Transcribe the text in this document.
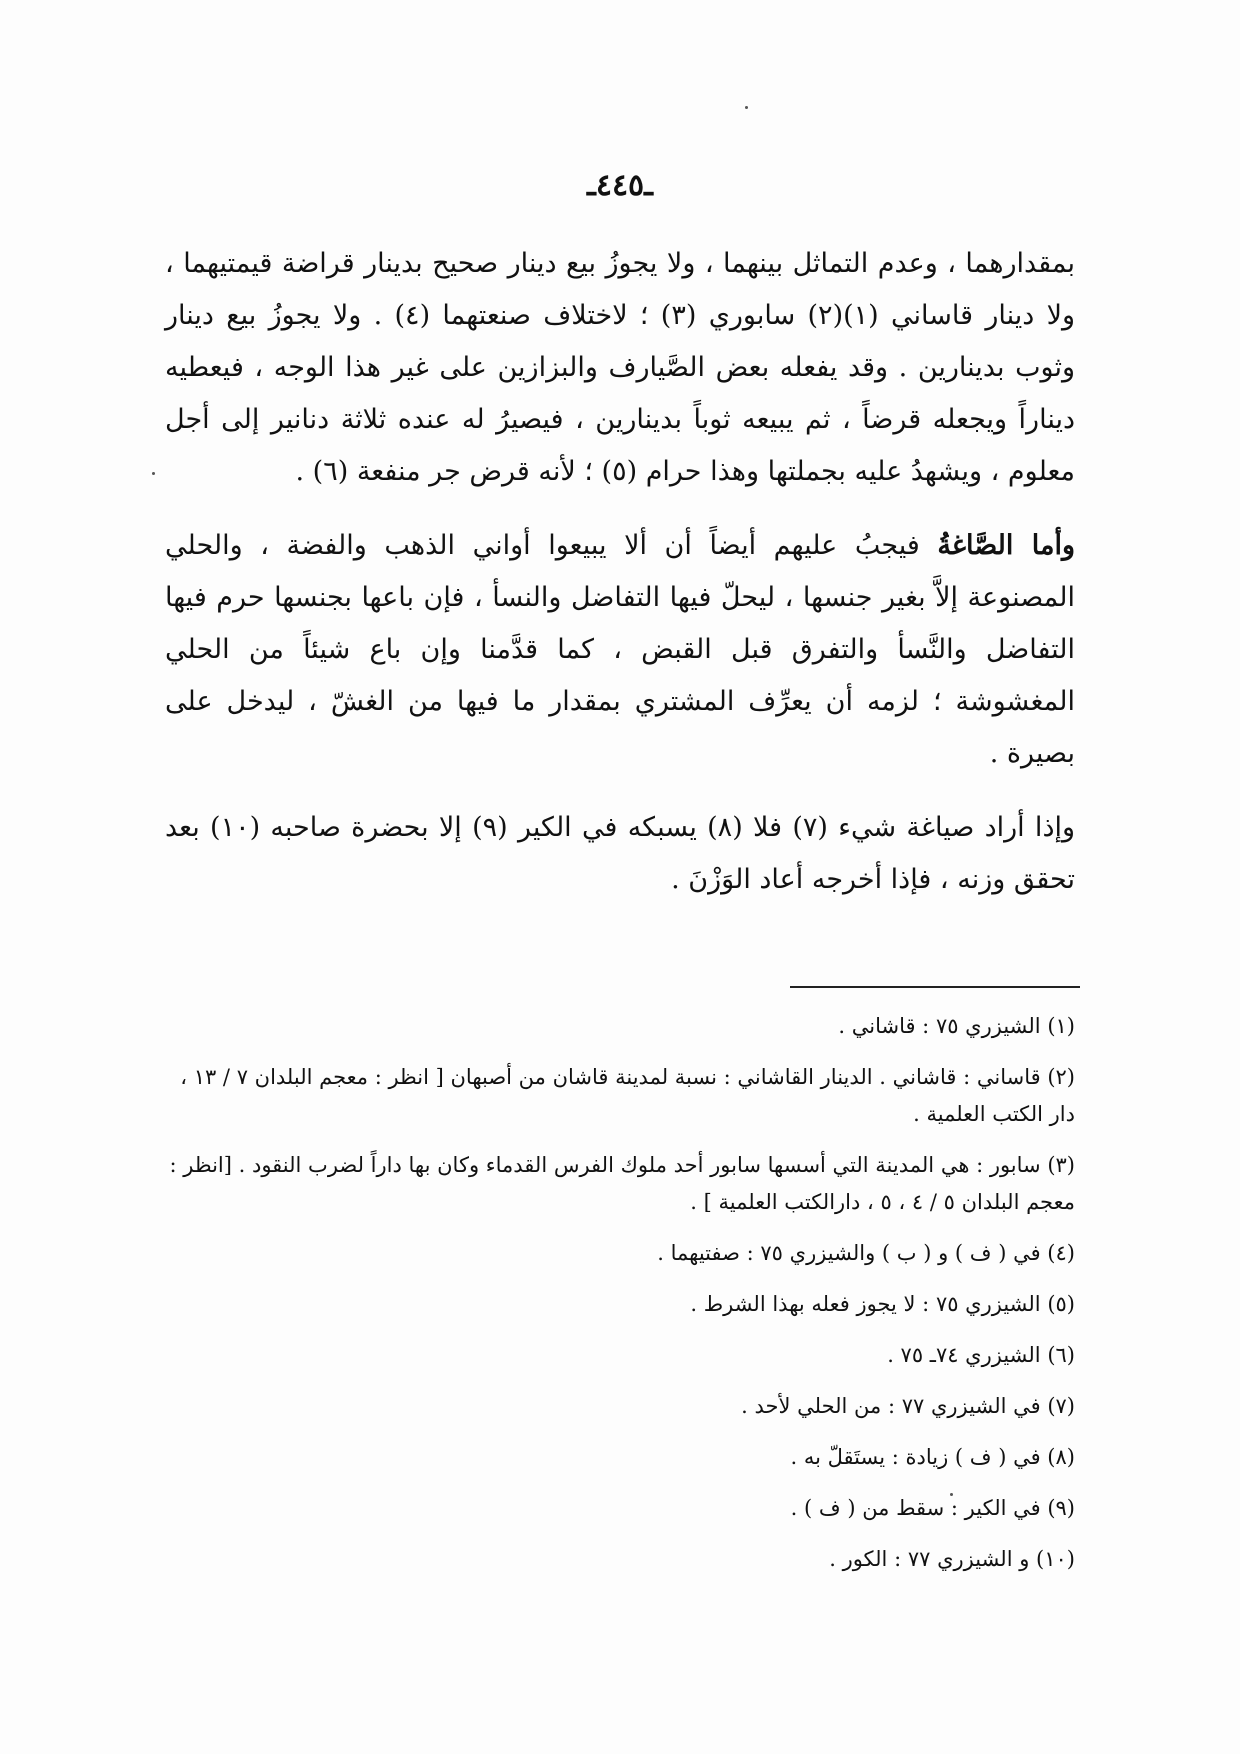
ـ٤٤٥ـ

بمقدارهما ، وعدم التماثل بينهما ، ولا يجوزُ بيع دينار صحيح بدينار قراضة قيمتيهما ، ولا دينار قاساني (١)(٢) سابوري (٣) ؛ لاختلاف صنعتهما (٤) . ولا يجوزُ بيع دينار وثوب بدينارين . وقد يفعله بعض الصَّيارف والبزازين على غير هذا الوجه ، فيعطيه ديناراً ويجعله قرضاً ، ثم يبيعه ثوباً بدينارين ، فيصيرُ له عنده ثلاثة دنانير إلى أجل معلوم ، ويشهدُ عليه بجملتها وهذا حرام (٥) ؛ لأنه قرض جر منفعة (٦) .

وأما الصَّاغةُ فيجبُ عليهم أيضاً أن ألا يبيعوا أواني الذهب والفضة ، والحلي المصنوعة إلاَّ بغير جنسها ، ليحلّ فيها التفاضل والنسأ ، فإن باعها بجنسها حرم فيها التفاضل والنَّسأ والتفرق قبل القبض ، كما قدَّمنا وإن باع شيئاً من الحلي المغشوشة ؛ لزمه أن يعرِّف المشتري بمقدار ما فيها من الغشّ ، ليدخل على بصيرة .

وإذا أراد صياغة شيء (٧) فلا (٨) يسبكه في الكير (٩) إلا بحضرة صاحبه (١٠) بعد تحقق وزنه ، فإذا أخرجه أعاد الوَزْنَ .

(١) الشيزري ٧٥ : قاشاني .
(٢) قاساني : قاشاني . الدينار القاشاني : نسبة لمدينة قاشان من أصبهان [ انظر : معجم البلدان ٧ / ١٣ ، دار الكتب العلمية .
(٣) سابور : هي المدينة التي أسسها سابور أحد ملوك الفرس القدماء وكان بها داراً لضرب النقود . [انظر : معجم البلدان ٥ / ٤ ، ٥ ، دارالكتب العلمية ] .
(٤) في ( ف ) و ( ب ) والشيزري ٧٥ : صفتيهما .
(٥) الشيزري ٧٥ : لا يجوز فعله بهذا الشرط .
(٦) الشيزري ٧٤ـ ٧٥ .
(٧) في الشيزري ٧٧ : من الحلي لأحد .
(٨) في ( ف ) زيادة : يستَقلّ به .
(٩) في الكير : سقط من ( ف ) .
(١٠) و الشيزري ٧٧ : الكور .
